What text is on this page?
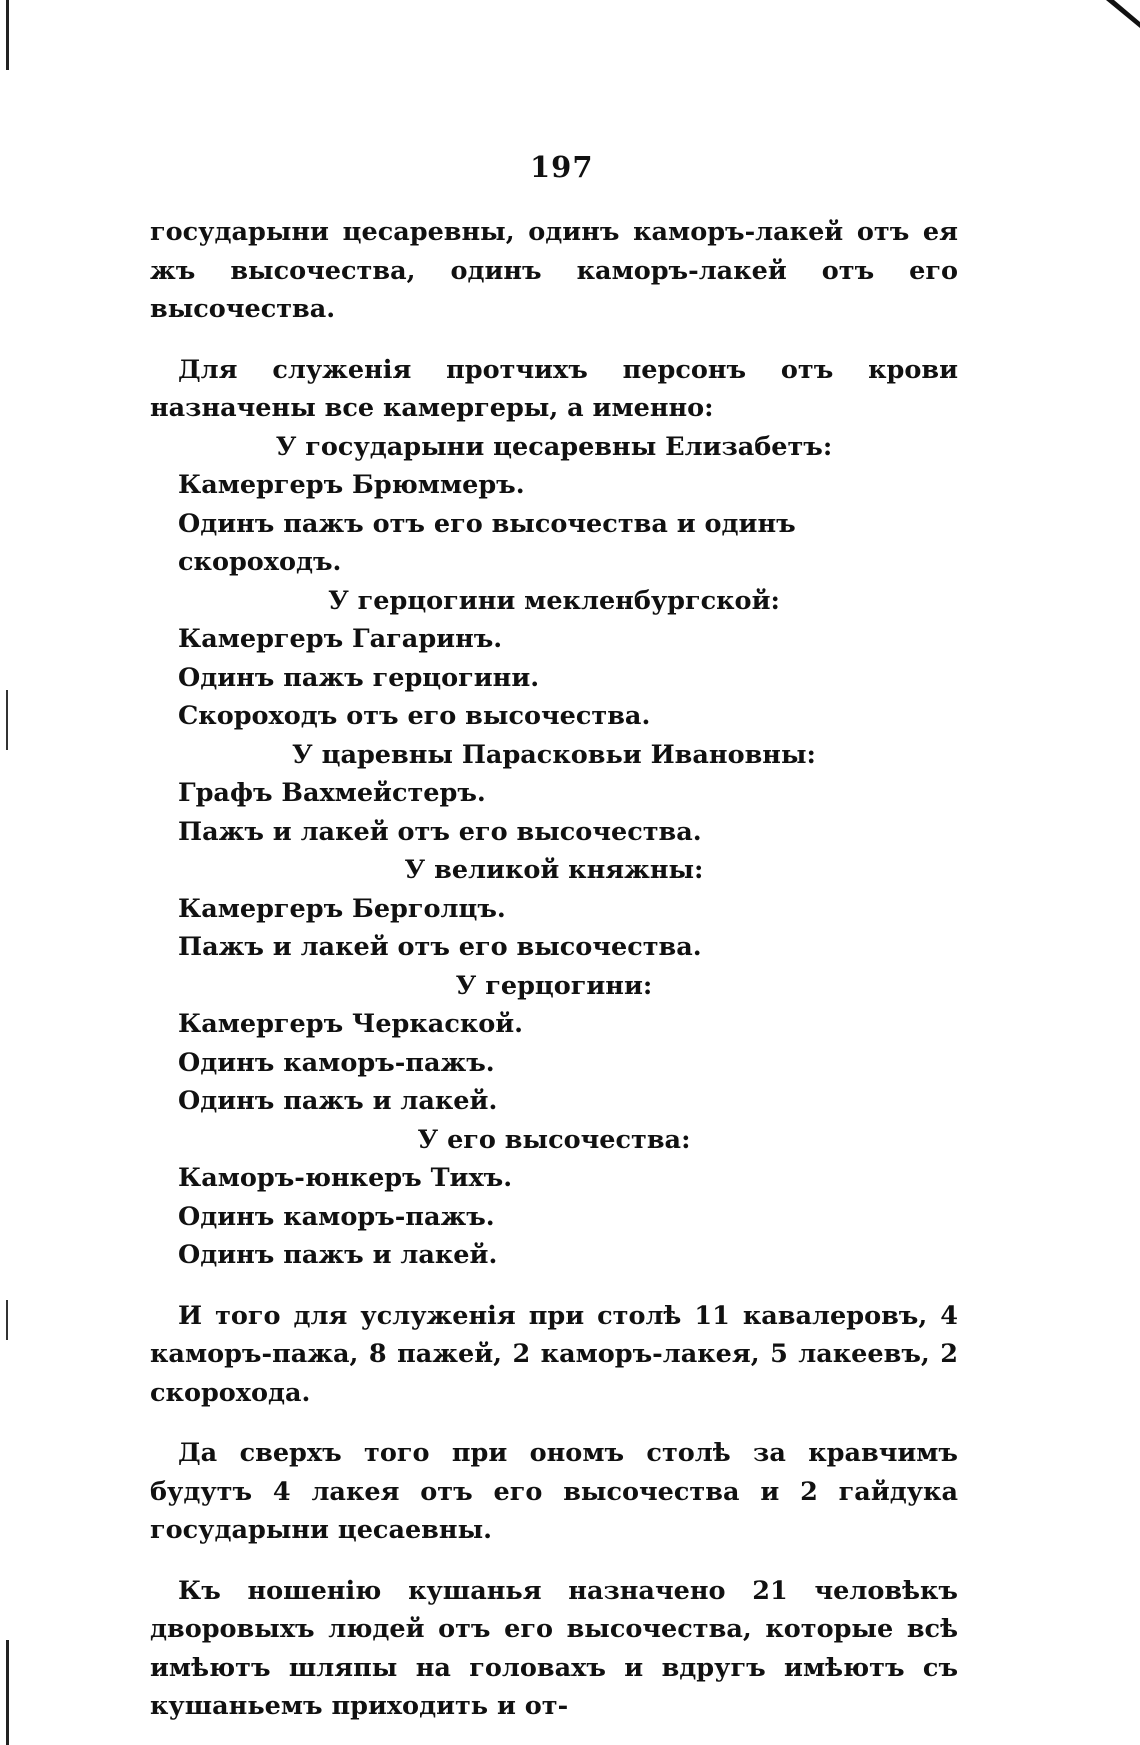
197

государыни цесаревны, одинъ каморъ-лакей отъ ея жъ высочества, одинъ каморъ-лакей отъ его высочества.

Для служенія протчихъ персонъ отъ крови назначены все камергеры, а именно:

У государыни цесаревны Елизабетъ:

Камергеръ Брюммеръ.

Одинъ пажъ отъ его высочества и одинъ скороходъ.

У герцогини мекленбургской:

Камергеръ Гагаринъ.

Одинъ пажъ герцогини.

Скороходъ отъ его высочества.

У царевны Парасковьи Ивановны:

Графъ Вахмейстеръ.

Пажъ и лакей отъ его высочества.

У великой княжны:

Камергеръ Берголцъ.

Пажъ и лакей отъ его высочества.

У герцогини:

Камергеръ Черкаской.

Одинъ каморъ-пажъ.

Одинъ пажъ и лакей.

У его высочества:

Каморъ-юнкеръ Тихъ.

Одинъ каморъ-пажъ.

Одинъ пажъ и лакей.

И того для услуженія при столѣ 11 кавалеровъ, 4 каморъ-пажа, 8 пажей, 2 каморъ-лакея, 5 лакеевъ, 2 скорохода.

Да сверхъ того при ономъ столѣ за кравчимъ будутъ 4 лакея отъ его высочества и 2 гайдука государыни цесаевны.

Къ ношенію кушанья назначено 21 человѣкъ дворовыхъ людей отъ его высочества, которые всѣ имѣютъ шляпы на головахъ и вдругъ имѣютъ съ кушаньемъ приходить и от-
